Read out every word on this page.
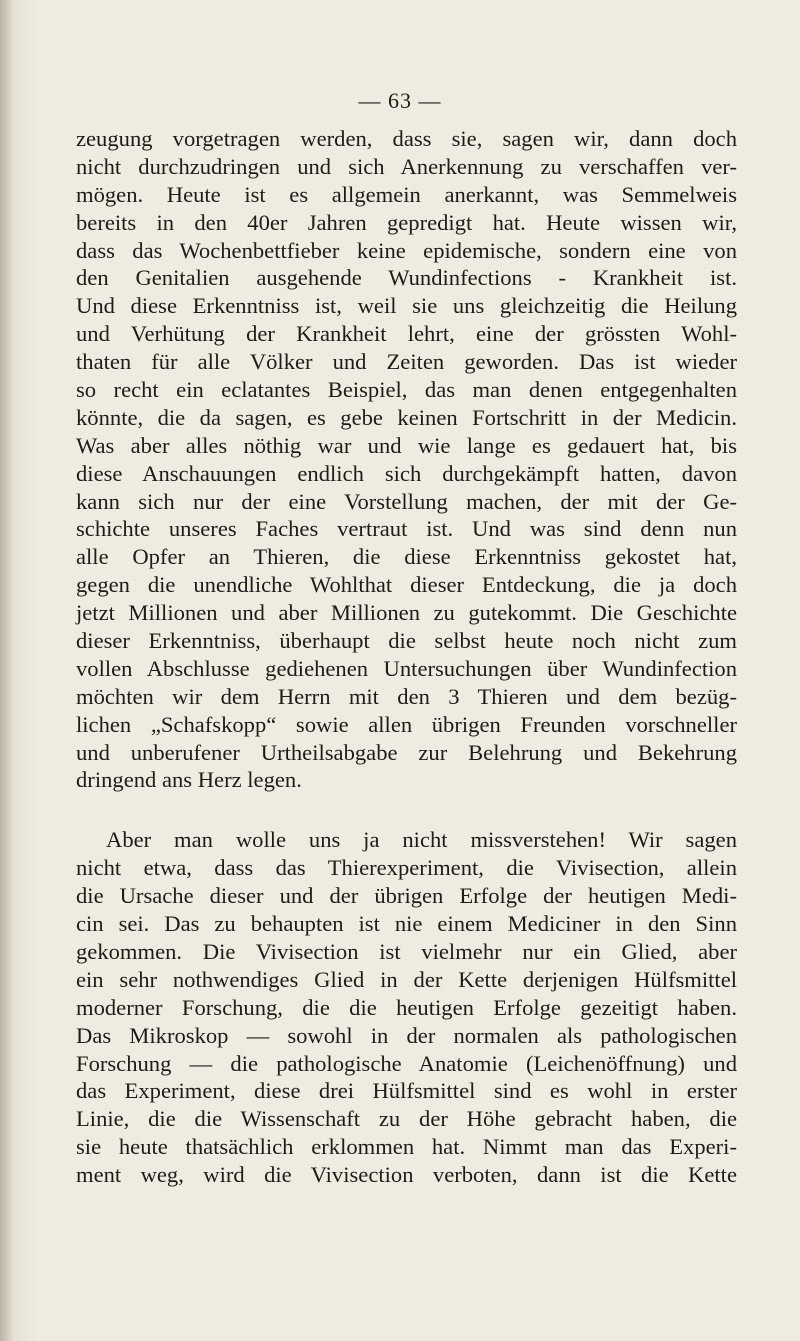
— 63 —
zeugung vorgetragen werden, dass sie, sagen wir, dann doch
nicht durchzudringen und sich Anerkennung zu verschaffen ver-
mögen. Heute ist es allgemein anerkannt, was Semmelweis
bereits in den 40er Jahren gepredigt hat. Heute wissen wir,
dass das Wochenbettfieber keine epidemische, sondern eine von
den Genitalien ausgehende Wundinfections - Krankheit ist.
Und diese Erkenntniss ist, weil sie uns gleichzeitig die Heilung
und Verhütung der Krankheit lehrt, eine der grössten Wohl-
thaten für alle Völker und Zeiten geworden. Das ist wieder
so recht ein eclatantes Beispiel, das man denen entgegenhalten
könnte, die da sagen, es gebe keinen Fortschritt in der Medicin.
Was aber alles nöthig war und wie lange es gedauert hat, bis
diese Anschauungen endlich sich durchgekämpft hatten, davon
kann sich nur der eine Vorstellung machen, der mit der Ge-
schichte unseres Faches vertraut ist. Und was sind denn nun
alle Opfer an Thieren, die diese Erkenntniss gekostet hat,
gegen die unendliche Wohlthat dieser Entdeckung, die ja doch
jetzt Millionen und aber Millionen zu gutekommt. Die Geschichte
dieser Erkenntniss, überhaupt die selbst heute noch nicht zum
vollen Abschlusse gediehenen Untersuchungen über Wundinfection
möchten wir dem Herrn mit den 3 Thieren und dem bezüg-
lichen „Schafskopp“ sowie allen übrigen Freunden vorschneller
und unberufener Urtheilsabgabe zur Belehrung und Bekehrung
dringend ans Herz legen.
Aber man wolle uns ja nicht missverstehen! Wir sagen
nicht etwa, dass das Thierexperiment, die Vivisection, allein
die Ursache dieser und der übrigen Erfolge der heutigen Medi-
cin sei. Das zu behaupten ist nie einem Mediciner in den Sinn
gekommen. Die Vivisection ist vielmehr nur ein Glied, aber
ein sehr nothwendiges Glied in der Kette derjenigen Hülfsmittel
moderner Forschung, die die heutigen Erfolge gezeitigt haben.
Das Mikroskop — sowohl in der normalen als pathologischen
Forschung — die pathologische Anatomie (Leichenöffnung) und
das Experiment, diese drei Hülfsmittel sind es wohl in erster
Linie, die die Wissenschaft zu der Höhe gebracht haben, die
sie heute thatsächlich erklommen hat. Nimmt man das Experi-
ment weg, wird die Vivisection verboten, dann ist die Kette
